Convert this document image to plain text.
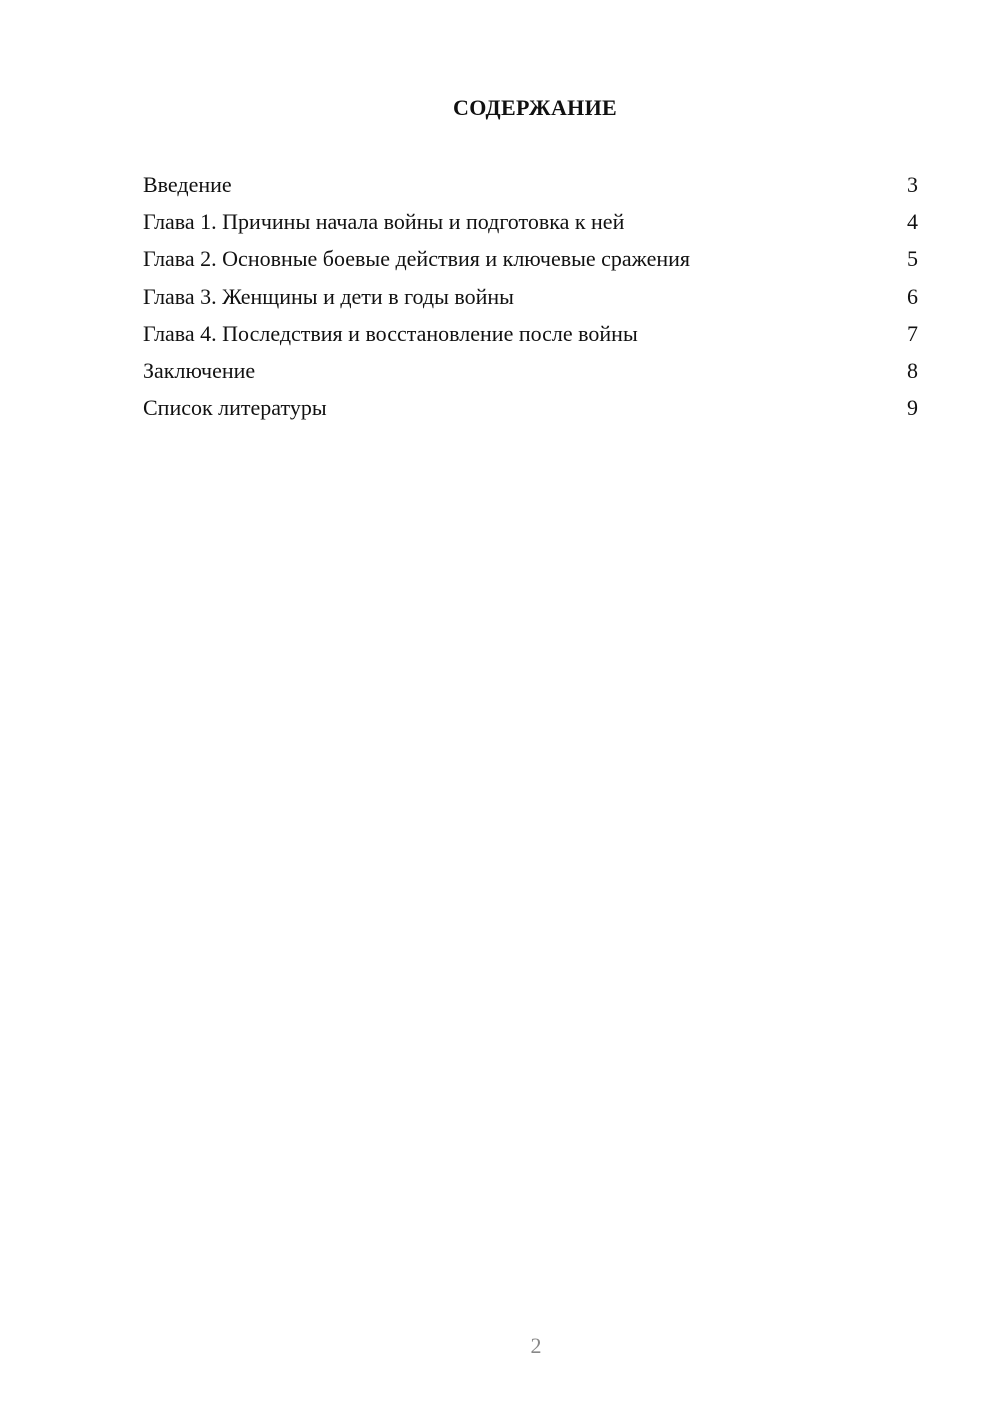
СОДЕРЖАНИЕ
Введение	3
Глава 1. Причины начала войны и подготовка к ней	4
Глава 2. Основные боевые действия и ключевые сражения	5
Глава 3. Женщины и дети в годы войны	6
Глава 4. Последствия и восстановление после войны	7
Заключение	8
Список литературы	9
2
